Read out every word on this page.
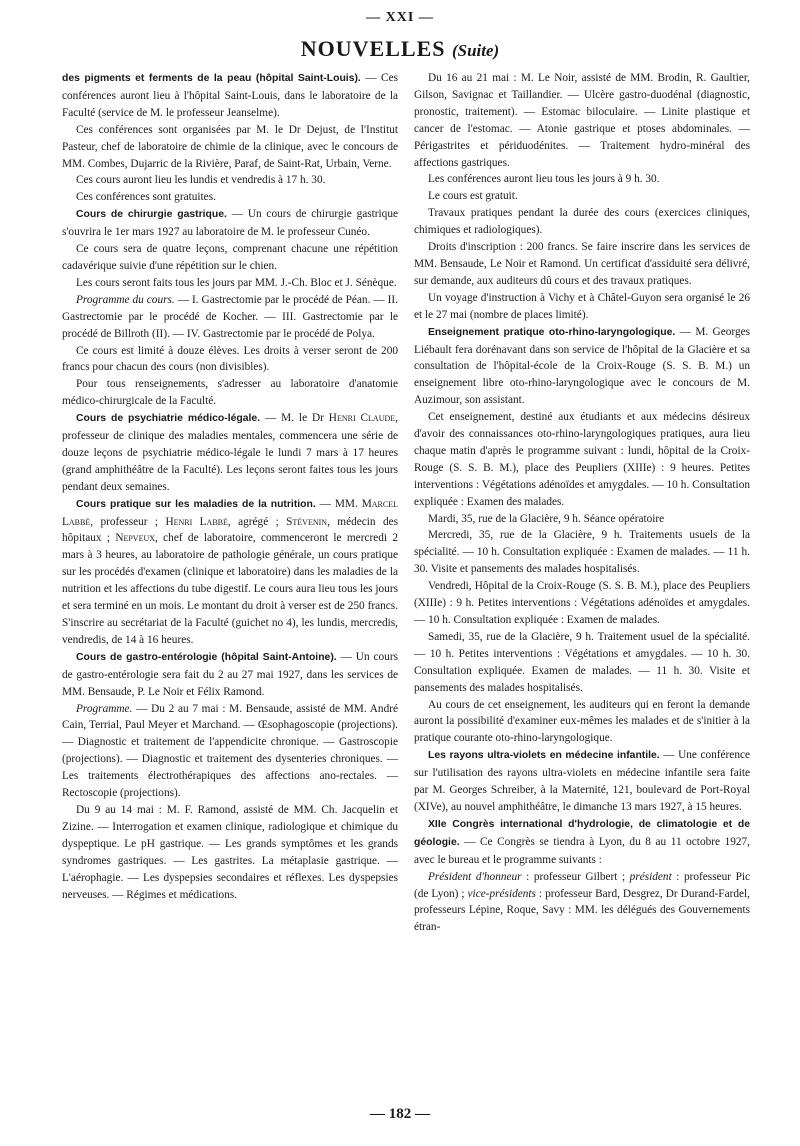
— XXI —
NOUVELLES (Suite)

des pigments et ferments de la peau (hôpital Saint-Louis). — Ces conférences auront lieu à l'hôpital Saint-Louis, dans le laboratoire de la Faculté (service de M. le professeur Jeanselme).

Ces conférences sont organisées par M. le Dr Dejust, de l'Institut Pasteur, chef de laboratoire de chimie de la clinique, avec le concours de MM. Combes, Dujarric de la Rivière, Paraf, de Saint-Rat, Urbain, Verne.

Ces cours auront lieu les lundis et vendredis à 17 h. 30.

Ces conférences sont gratuites.

Cours de chirurgie gastrique. — Un cours de chirurgie gastrique s'ouvrira le 1er mars 1927 au laboratoire de M. le professeur Cunéo.

Ce cours sera de quatre leçons, comprenant chacune une répétition cadavérique suivie d'une répétition sur le chien.

Les cours seront faits tous les jours par MM. J.-Ch. Bloc et J. Sénèque.

Programme du cours. — I. Gastrectomie par le procédé de Péan. — II. Gastrectomie par le procédé de Kocher. — III. Gastrectomie par le procédé de Billroth (II). — IV. Gastrectomie par le procédé de Polya.

Ce cours est limité à douze élèves. Les droits à verser seront de 200 francs pour chacun des cours (non divisibles).

Pour tous renseignements, s'adresser au laboratoire d'anatomie médico-chirurgicale de la Faculté.

Cours de psychiatrie médico-légale. — M. le Dr Henri Claude, professeur de clinique des maladies mentales, commencera une série de douze leçons de psychiatrie médico-légale le lundi 7 mars à 17 heures (grand amphithéâtre de la Faculté). Les leçons seront faites tous les jours pendant deux semaines.

Cours pratique sur les maladies de la nutrition. — MM. Marcel Labbé, professeur ; Henri Labbé, agrégé ; Stévenin, médecin des hôpitaux ; Nepveux, chef de laboratoire, commenceront le mercredi 2 mars à 3 heures, au laboratoire de pathologie générale, un cours pratique sur les procédés d'examen (clinique et laboratoire) dans les maladies de la nutrition et les affections du tube digestif. Le cours aura lieu tous les jours et sera terminé en un mois. Le montant du droit à verser est de 250 francs. S'inscrire au secrétariat de la Faculté (guichet no 4), les lundis, mercredis, vendredis, de 14 à 16 heures.

Cours de gastro-entérologie (hôpital Saint-Antoine). — Un cours de gastro-entérologie sera fait du 2 au 27 mai 1927, dans les services de MM. Bensaude, P. Le Noir et Félix Ramond.

Programme. — Du 2 au 7 mai : M. Bensaude, assisté de MM. André Cain, Terrial, Paul Meyer et Marchand. — Œsophagoscopie (projections). — Diagnostic et traitement de l'appendicite chronique. — Gastroscopie (projections). — Diagnostic et traitement des dysenteries chroniques. — Les traitements électrothérapiques des affections ano-rectales. — Rectoscopie (projections).

Du 9 au 14 mai : M. F. Ramond, assisté de MM. Ch. Jacquelin et Zizine. — Interrogation et examen clinique, radiologique et chimique du dyspeptique. Le pH gastrique. — Les grands symptômes et les grands syndromes gastriques. — Les gastrites. La métaplasie gastrique. — L'aérophagie. — Les dyspepsies secondaires et réflexes. Les dyspepsies nerveuses. — Régimes et médications.

Du 16 au 21 mai : M. Le Noir, assisté de MM. Brodin, R. Gaultier, Gilson, Savignac et Taillandier. — Ulcère gastro-duodénal (diagnostic, pronostic, traitement). — Estomac biloculaire. — Linite plastique et cancer de l'estomac. — Atonie gastrique et ptoses abdominales. — Périgastrites et périduodénites. — Traitement hydro-minéral des affections gastriques.

Les conférences auront lieu tous les jours à 9 h. 30.

Le cours est gratuit.

Travaux pratiques pendant la durée des cours (exercices cliniques, chimiques et radiologiques).

Droits d'inscription : 200 francs. Se faire inscrire dans les services de MM. Bensaude, Le Noir et Ramond. Un certificat d'assiduité sera délivré, sur demande, aux auditeurs dû cours et des travaux pratiques.

Un voyage d'instruction à Vichy et à Châtel-Guyon sera organisé le 26 et le 27 mai (nombre de places limité).

Enseignement pratique oto-rhino-laryngologique. — M. Georges Liébault fera dorénavant dans son service de l'hôpital de la Glacière et sa consultation de l'hôpital-école de la Croix-Rouge (S. S. B. M.) un enseignement libre oto-rhino-laryngologique avec le concours de M. Auzimour, son assistant.

Cet enseignement, destiné aux étudiants et aux médecins désireux d'avoir des connaissances oto-rhino-laryngologiques pratiques, aura lieu chaque matin d'après le programme suivant : lundi, hôpital de la Croix-Rouge (S. S. B. M.), place des Peupliers (XIIIe) : 9 heures. Petites interventions : Végétations adénoïdes et amygdales. — 10 h. Consultation expliquée : Examen des malades.

Mardi, 35, rue de la Glacière, 9 h. Séance opératoire

Mercredi, 35, rue de la Glacière, 9 h. Traitements usuels de la spécialité. — 10 h. Consultation expliquée : Examen de malades. — 11 h. 30. Visite et pansements des malades hospitalisés.

Vendredi, Hôpital de la Croix-Rouge (S. S. B. M.), place des Peupliers (XIIIe) : 9 h. Petites interventions : Végétations adénoïdes et amygdales. — 10 h. Consultation expliquée : Examen de malades.

Samedi, 35, rue de la Glacière, 9 h. Traitement usuel de la spécialité. — 10 h. Petites interventions : Végétations et amygdales. — 10 h. 30. Consultation expliquée. Examen de malades. — 11 h. 30. Visite et pansements des malades hospitalisés.

Au cours de cet enseignement, les auditeurs qui en feront la demande auront la possibilité d'examiner eux-mêmes les malades et de s'initier à la pratique courante oto-rhino-laryngologique.

Les rayons ultra-violets en médecine infantile. — Une conférence sur l'utilisation des rayons ultra-violets en médecine infantile sera faite par M. Georges Schreiber, à la Maternité, 121, boulevard de Port-Royal (XIVe), au nouvel amphithéâtre, le dimanche 13 mars 1927, à 15 heures.

XIIe Congrès international d'hydrologie, de climatologie et de géologie. — Ce Congrès se tiendra à Lyon, du 8 au 11 octobre 1927, avec le bureau et le programme suivants :

Président d'honneur : professeur Gilbert ; président : professeur Pic (de Lyon) ; vice-présidents : professeur Bard, Desgrez, Dr Durand-Fardel, professeurs Lépine, Roque, Savy : MM. les délégués des Gouvernements étran-

— 182 —
